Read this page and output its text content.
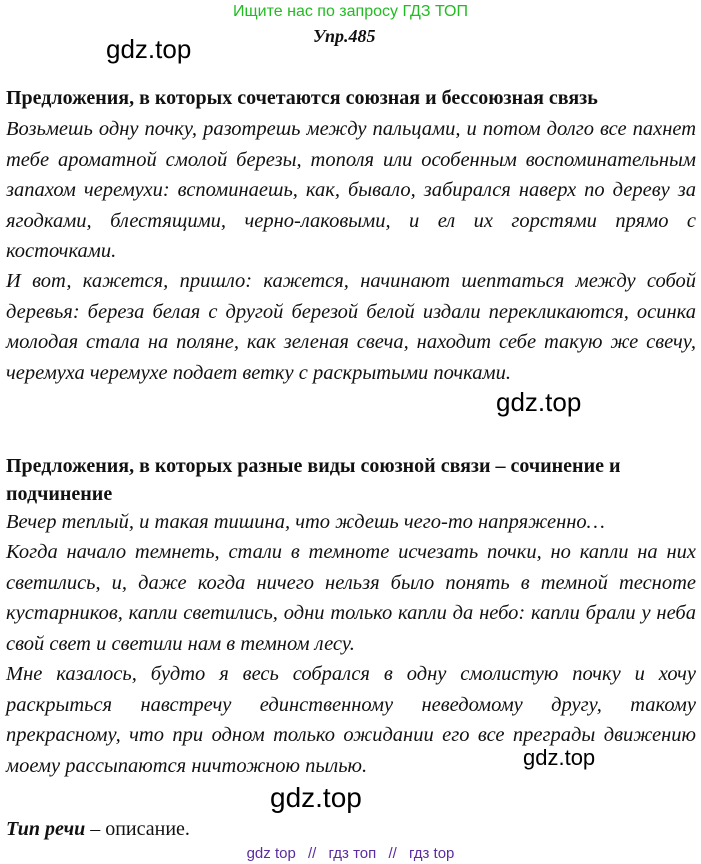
Ищите нас по запросу ГДЗ ТОП
gdz.top	Упр.485
Предложения, в которых сочетаются союзная и бессоюзная связь

Возьмешь одну почку, разотрешь между пальцами, и потом долго все пахнет тебе ароматной смолой березы, тополя или особенным воспоминательным запахом черемухи: вспоминаешь, как, бывало, забирался наверх по дереву за ягодками, блестящими, черно-лаковыми, и ел их горстями прямо с косточками.

И вот, кажется, пришло: кажется, начинают шептаться между собой деревья: береза белая с другой березой белой издали перекликаются, осинка молодая стала на поляне, как зеленая свеча, находит себе такую же свечу, черемуха черемухе подает ветку с раскрытыми почками.

gdz.top
Предложения, в которых разные виды союзной связи – сочинение и подчинение

Вечер теплый, и такая тишина, что ждешь чего-то напряженно…

Когда начало темнеть, стали в темноте исчезать почки, но капли на них светились, и, даже когда ничего нельзя было понять в темной тесноте кустарников, капли светились, одни только капли да небо: капли брали у неба свой свет и светили нам в темном лесу.

Мне казалось, будто я весь собрался в одну смолистую почку и хочу раскрыться навстречу единственному неведомому другу, такому прекрасному, что при одном только ожидании его все преграды движению моему рассыпаются ничтожною пылью.	gdz.top
gdz.top
Тип речи – описание.
gdz top // гдз топ // гдз top
